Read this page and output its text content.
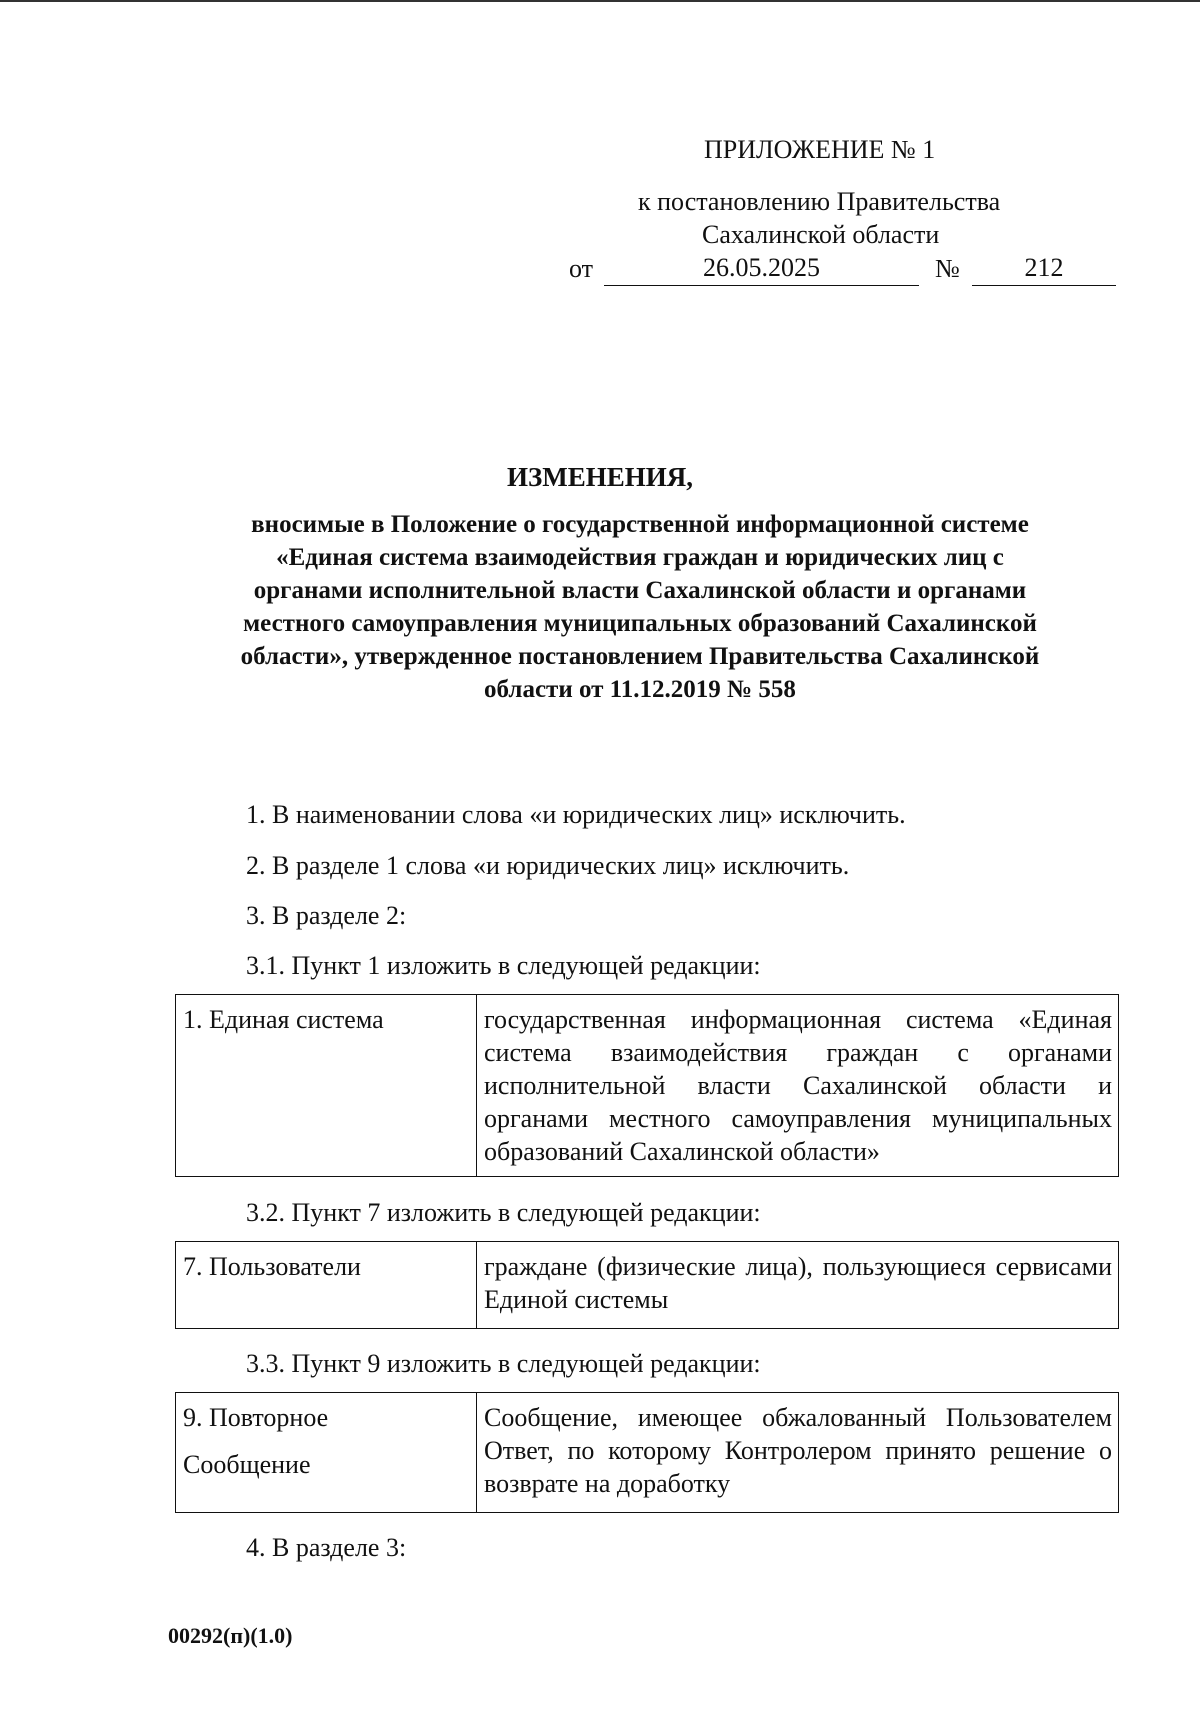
ПРИЛОЖЕНИЕ № 1
к постановлению Правительства
Сахалинской области
от	26.05.2025	№	212
ИЗМЕНЕНИЯ,
вносимые в Положение о государственной информационной системе
«Единая система взаимодействия граждан и юридических лиц с
органами исполнительной власти Сахалинской области и органами
местного самоуправления муниципальных образований Сахалинской
области», утвержденное постановлением Правительства Сахалинской
области от 11.12.2019 № 558
1. В наименовании слова «и юридических лиц» исключить.
2. В разделе 1 слова «и юридических лиц» исключить.
3. В разделе 2:
3.1. Пункт 1 изложить в следующей редакции:
1. Единая система	государственная информационная система «Единая система взаимодействия граждан с органами исполнительной власти Сахалинской области и органами местного самоуправления муниципальных образований Сахалинской области»
3.2. Пункт 7 изложить в следующей редакции:
7. Пользователи	граждане (физические лица), пользующиеся сервисами Единой системы
3.3. Пункт 9 изложить в следующей редакции:
9. Повторное
Сообщение
	Сообщение, имеющее обжалованный Пользователем Ответ, по которому Контролером принято решение о возврате на доработку
4. В разделе 3:
00292(п)(1.0)
